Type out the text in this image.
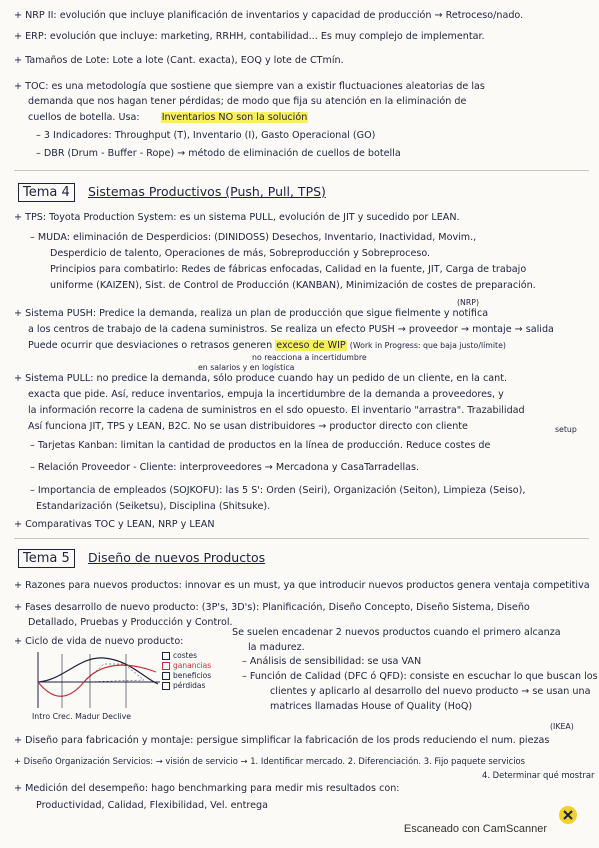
+ NRP II: evolución que incluye planificación de inventarios y capacidad de producción → Retroceso/nado.
+ ERP: evolución que incluye: marketing, RRHH, contabilidad... Es muy complejo de implementar.
+ Tamaños de Lote: Lote a lote (Cant. exacta), EOQ y lote de CTmín.
+ TOC: es una metodología que sostiene que siempre van a existir fluctuaciones aleatorias de las
demanda que nos hagan tener pérdidas; de modo que fija su atención en la eliminación de
cuellos de botella. Usa: Inventarios NO son la solución
– 3 Indicadores: Throughput (T), Inventario (I), Gasto Operacional (GO)
– DBR (Drum - Buffer - Rope) → método de eliminación de cuellos de botella
Tema 4	Sistemas Productivos (Push, Pull, TPS)
+ TPS: Toyota Production System: es un sistema PULL, evolución de JIT y sucedido por LEAN.
– MUDA: eliminación de Desperdicios: (DINIDOSS) Desechos, Inventario, Inactividad, Movim.,
Desperdicio de talento, Operaciones de más, Sobreproducción y Sobreproceso.
Principios para combatirlo: Redes de fábricas enfocadas, Calidad en la fuente, JIT, Carga de trabajo
uniforme (KAIZEN), Sist. de Control de Producción (KANBAN), Minimización de costes de preparación.
(NRP)
+ Sistema PUSH: Predice la demanda, realiza un plan de producción que sigue fielmente y notifica
a los centros de trabajo de la cadena suministros. Se realiza un efecto PUSH → proveedor → montaje → salida
Puede ocurrir que desviaciones o retrasos generen exceso de WIP (Work in Progress: que baja justo/límite)
no reacciona a incertidumbre
en salarios y en logística
+ Sistema PULL: no predice la demanda, sólo produce cuando hay un pedido de un cliente, en la cant.
exacta que pide. Así, reduce inventarios, empuja la incertidumbre de la demanda a proveedores, y
la información recorre la cadena de suministros en el sdo opuesto. El inventario "arrastra". Trazabilidad
Así funciona JIT, TPS y LEAN, B2C. No se usan distribuidores → productor directo con cliente	setup
– Tarjetas Kanban: limitan la cantidad de productos en la línea de producción. Reduce costes de
– Relación Proveedor - Cliente: interproveedores → Mercadona y CasaTarradellas.
– Importancia de empleados (SOJKOFU): las 5 S': Orden (Seiri), Organización (Seiton), Limpieza (Seiso),
Estandarización (Seiketsu), Disciplina (Shitsuke).
+ Comparativas TOC y LEAN, NRP y LEAN
Tema 5	Diseño de nuevos Productos
+ Razones para nuevos productos: innovar es un must, ya que introducir nuevos productos genera ventaja competitiva
+ Fases desarrollo de nuevo producto: (3P's, 3D's): Planificación, Diseño Concepto, Diseño Sistema, Diseño
Detallado, Pruebas y Producción y Control.
+ Ciclo de vida de nuevo producto:
Se suelen encadenar 2 nuevos productos cuando el primero alcanza
la madurez.
– Análisis de sensibilidad: se usa VAN
– Función de Calidad (DFC ó QFD): consiste en escuchar lo que buscan los
clientes y aplicarlo al desarrollo del nuevo producto → se usan una
matrices llamadas House of Quality (HoQ)
Intro Crec. Madur Declive
costes
ganancias
beneficios
pérdidas
(IKEA)
+ Diseño para fabricación y montaje: persigue simplificar la fabricación de los prods reduciendo el num. piezas
+ Diseño Organización Servicios: → visión de servicio → 1. Identificar mercado. 2. Diferenciación. 3. Fijo paquete servicios
4. Determinar qué mostrar
+ Medición del desempeño: hago benchmarking para medir mis resultados con:
Productividad, Calidad, Flexibilidad, Vel. entrega
Escaneado con CamScanner
